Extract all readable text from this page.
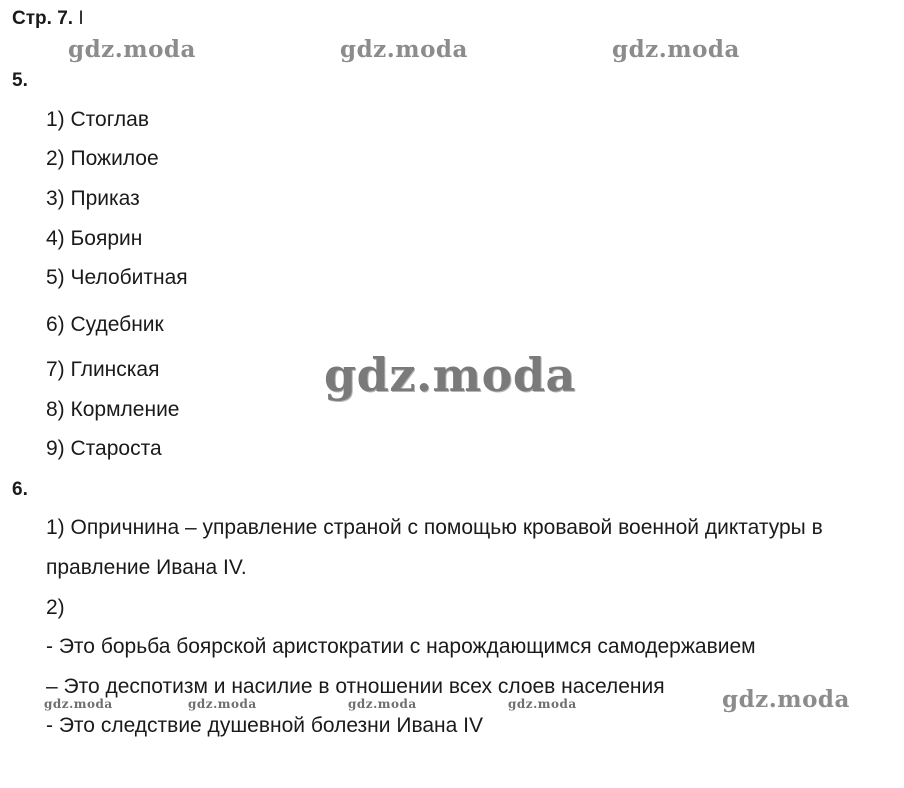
Стр. 7. I
gdz.moda	gdz.moda	gdz.moda
5.
1) Стоглав
2) Пожилое
3) Приказ
4) Боярин
5) Челобитная
6) Судебник
7) Глинская
8) Кормление
9) Староста
gdz.moda
6.
1) Опричнина – управление страной с помощью кровавой военной диктатуры в
правление Ивана IV.
2)
- Это борьба боярской аристократии с нарождающимся самодержавием
– Это деспотизм и насилие в отношении всех слоев населения
gdz.moda	gdz.moda	gdz.moda	gdz.moda	gdz.moda
- Это следствие душевной болезни Ивана IV
